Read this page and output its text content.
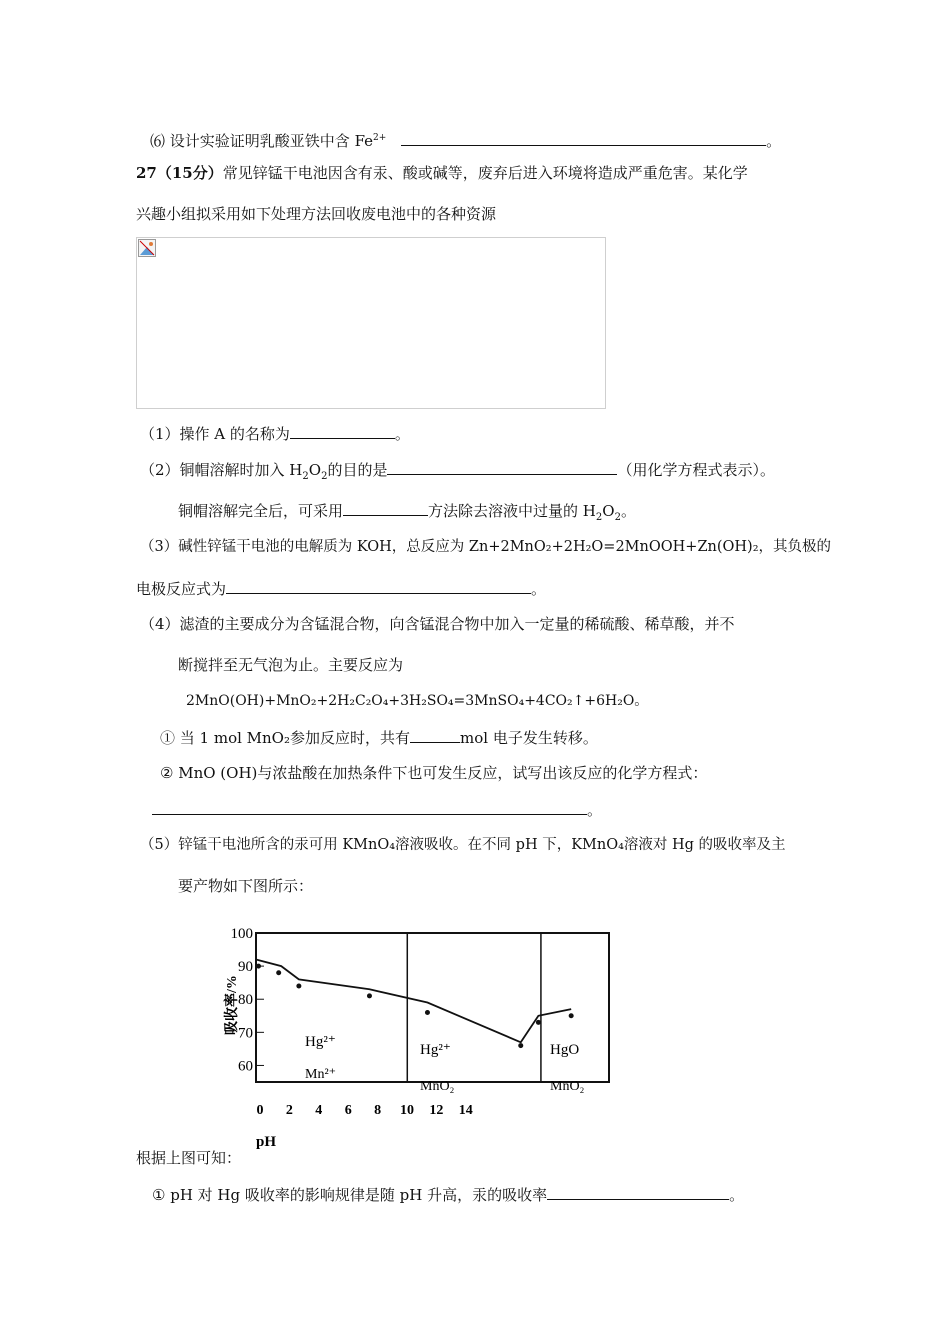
⑹ 设计实验证明乳酸亚铁中含 $Fe^{2+}$	。
27（15分）常见锌锰干电池因含有汞、酸或碱等，废弃后进入环境将造成严重危害。某化学
兴趣小组拟采用如下处理方法回收废电池中的各种资源
（1）操作 A 的名称为	。
（2）铜帽溶解时加入 $H_2O_2$的目的是	（用化学方程式表示）。
铜帽溶解完全后，可采用	方法除去溶液中过量的 $H_2O_2$。
（3）碱性锌锰干电池的电解质为 KOH，总反应为 Zn+2MnO₂+2H₂O=2MnOOH+Zn(OH)₂，其负极的
电极反应式为	。
（4）滤渣的主要成分为含锰混合物，向含锰混合物中加入一定量的稀硫酸、稀草酸，并不
断搅拌至无气泡为止。主要反应为
2MnO(OH)+MnO₂+2H₂C₂O₄+3H₂SO₄=3MnSO₄+4CO₂↑+6H₂O。
① 当 1 mol MnO₂参加反应时，共有	mol 电子发生转移。
② MnO (OH)与浓盐酸在加热条件下也可发生反应，试写出该反应的化学方程式：
。
（5）锌锰干电池所含的汞可用 KMnO₄溶液吸收。在不同 pH 下，KMnO₄溶液对 Hg 的吸收率及主
要产物如下图所示：
100
90
80
70
60
0 2 4 6 8 10 12 14
pH
吸收率/%
Hg²⁺
Mn²⁺
Hg²⁺
MnO₂
HgO
MnO₂
根据上图可知：
① pH 对 Hg 吸收率的影响规律是随 pH 升高，汞的吸收率	。
